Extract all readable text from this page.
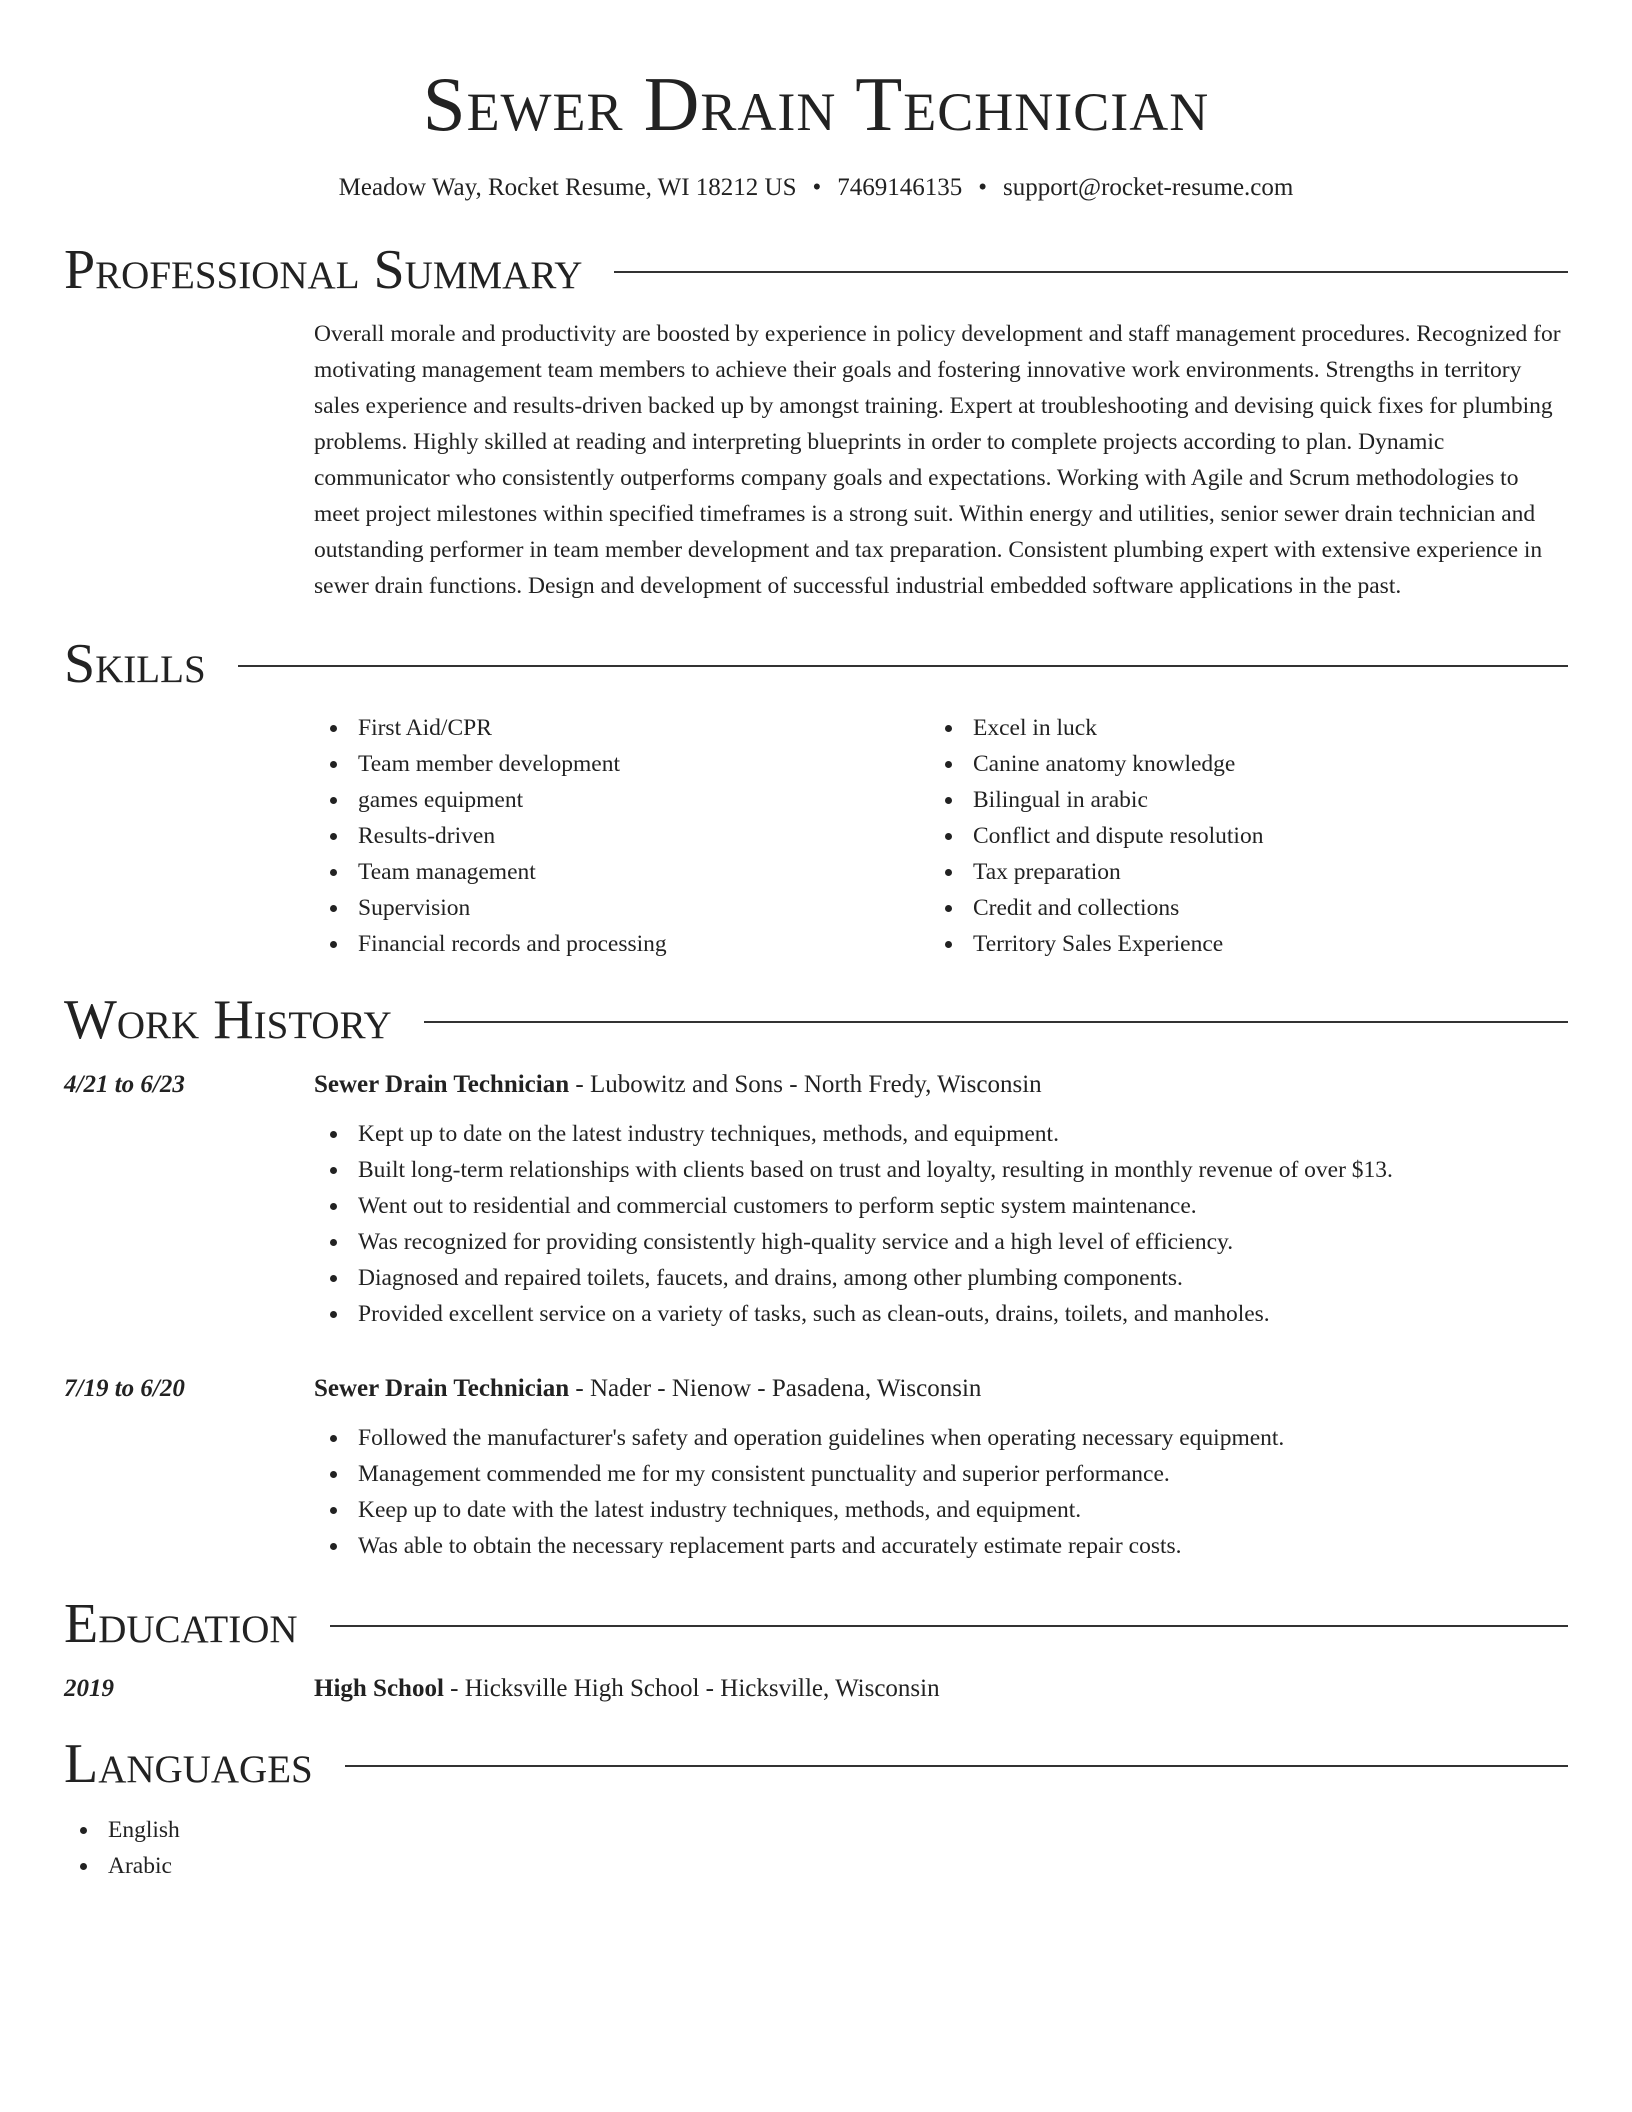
Sewer Drain Technician
Meadow Way, Rocket Resume, WI 18212 US • 7469146135 • support@rocket-resume.com
Professional Summary

Overall morale and productivity are boosted by experience in policy development and staff management procedures. Recognized for motivating management team members to achieve their goals and fostering innovative work environments. Strengths in territory sales experience and results-driven backed up by amongst training. Expert at troubleshooting and devising quick fixes for plumbing problems. Highly skilled at reading and interpreting blueprints in order to complete projects according to plan. Dynamic communicator who consistently outperforms company goals and expectations. Working with Agile and Scrum methodologies to meet project milestones within specified timeframes is a strong suit. Within energy and utilities, senior sewer drain technician and outstanding performer in team member development and tax preparation. Consistent plumbing expert with extensive experience in sewer drain functions. Design and development of successful industrial embedded software applications in the past.

Skills
First Aid/CPR
Team member development
games equipment
Results-driven
Team management
Supervision
Financial records and processing
Excel in luck
Canine anatomy knowledge
Bilingual in arabic
Conflict and dispute resolution
Tax preparation
Credit and collections
Territory Sales Experience
Work History
4/21 to 6/23	Sewer Drain Technician - Lubowitz and Sons - North Fredy, Wisconsin
Kept up to date on the latest industry techniques, methods, and equipment.
Built long-term relationships with clients based on trust and loyalty, resulting in monthly revenue of over $13.
Went out to residential and commercial customers to perform septic system maintenance.
Was recognized for providing consistently high-quality service and a high level of efficiency.
Diagnosed and repaired toilets, faucets, and drains, among other plumbing components.
Provided excellent service on a variety of tasks, such as clean-outs, drains, toilets, and manholes.
7/19 to 6/20	Sewer Drain Technician - Nader - Nienow - Pasadena, Wisconsin
Followed the manufacturer's safety and operation guidelines when operating necessary equipment.
Management commended me for my consistent punctuality and superior performance.
Keep up to date with the latest industry techniques, methods, and equipment.
Was able to obtain the necessary replacement parts and accurately estimate repair costs.
Education
2019	High School - Hicksville High School - Hicksville, Wisconsin
Languages
English
Arabic
